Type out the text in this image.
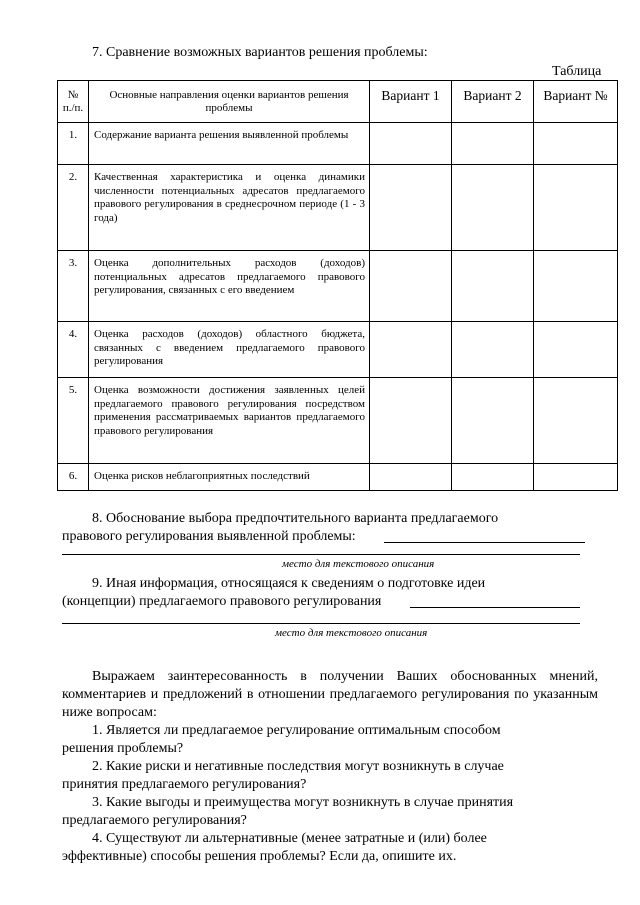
7. Сравнение возможных вариантов решения проблемы:
Таблица
№ п./п.	Основные направления оценки вариантов решения проблемы	Вариант 1	Вариант 2	Вариант №
1.	Содержание варианта решения выявленной проблемы			
2.	Качественная характеристика и оценка динамики численности потенциальных адресатов предлагаемого правового регулирования в среднесрочном периоде (1 - 3 года)			
3.	Оценка дополнительных расходов (доходов) потенциальных адресатов предлагаемого правового регулирования, связанных с его введением			
4.	Оценка расходов (доходов) областного бюджета, связанных с введением предлагаемого правового регулирования			
5.	Оценка возможности достижения заявленных целей предлагаемого правового регулирования посредством применения рассматриваемых вариантов предлагаемого правового регулирования			
6.	Оценка рисков неблагоприятных последствий			
8. Обоснование выбора предпочтительного варианта предлагаемого
правового регулирования выявленной проблемы:
место для текстового описания
9. Иная информация, относящаяся к сведениям о подготовке идеи
(концепции) предлагаемого правового регулирования
место для текстового описания
Выражаем заинтересованность в получении Ваших обоснованных мнений, комментариев и предложений в отношении предлагаемого регулирования по указанным ниже вопросам:
1. Является ли предлагаемое регулирование оптимальным способом
решения проблемы?
2. Какие риски и негативные последствия могут возникнуть в случае
принятия предлагаемого регулирования?
3. Какие выгоды и преимущества могут возникнуть в случае принятия
предлагаемого регулирования?
4. Существуют ли альтернативные (менее затратные и (или) более
эффективные) способы решения проблемы? Если да, опишите их.
